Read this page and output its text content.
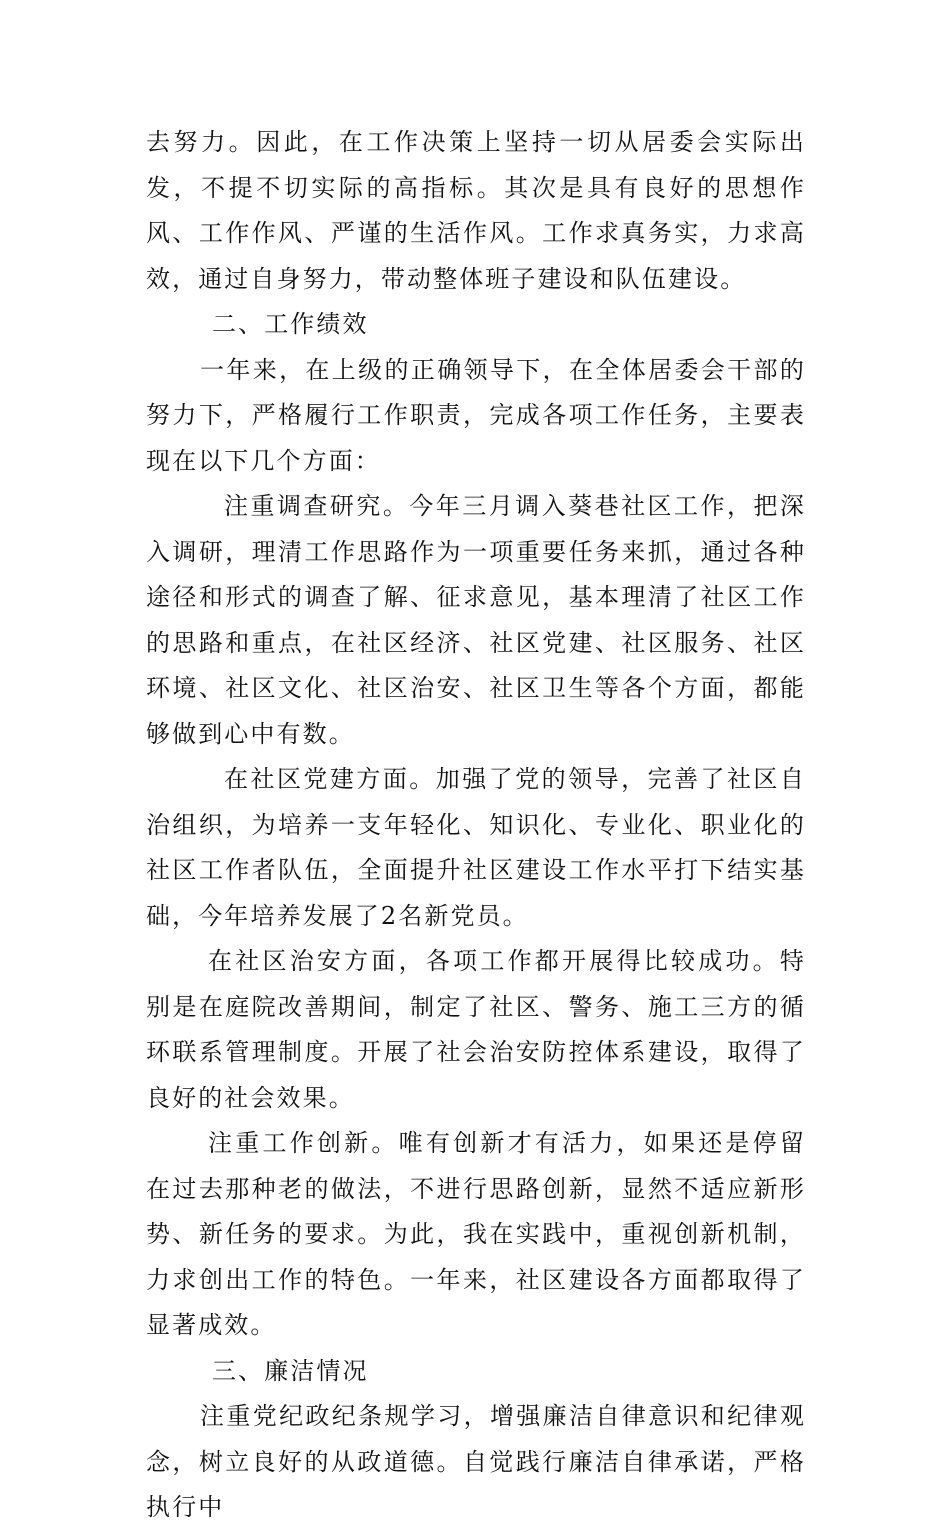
去努力。因此，在工作决策上坚持一切从居委会实际出发，不提不切实际的高指标。其次是具有良好的思想作风、工作作风、严谨的生活作风。工作求真务实，力求高效，通过自身努力，带动整体班子建设和队伍建设。

二、工作绩效

一年来，在上级的正确领导下，在全体居委会干部的努力下，严格履行工作职责，完成各项工作任务，主要表现在以下几个方面：

注重调查研究。今年三月调入葵巷社区工作，把深入调研，理清工作思路作为一项重要任务来抓，通过各种途径和形式的调查了解、征求意见，基本理清了社区工作的思路和重点，在社区经济、社区党建、社区服务、社区环境、社区文化、社区治安、社区卫生等各个方面，都能够做到心中有数。

在社区党建方面。加强了党的领导，完善了社区自治组织，为培养一支年轻化、知识化、专业化、职业化的社区工作者队伍，全面提升社区建设工作水平打下结实基础，今年培养发展了2名新党员。

在社区治安方面，各项工作都开展得比较成功。特别是在庭院改善期间，制定了社区、警务、施工三方的循环联系管理制度。开展了社会治安防控体系建设，取得了良好的社会效果。

注重工作创新。唯有创新才有活力，如果还是停留在过去那种老的做法，不进行思路创新，显然不适应新形势、新任务的要求。为此，我在实践中，重视创新机制，力求创出工作的特色。一年来，社区建设各方面都取得了显著成效。

三、廉洁情况

注重党纪政纪条规学习，增强廉洁自律意识和纪律观念，树立良好的从政道德。自觉践行廉洁自律承诺，严格执行中
